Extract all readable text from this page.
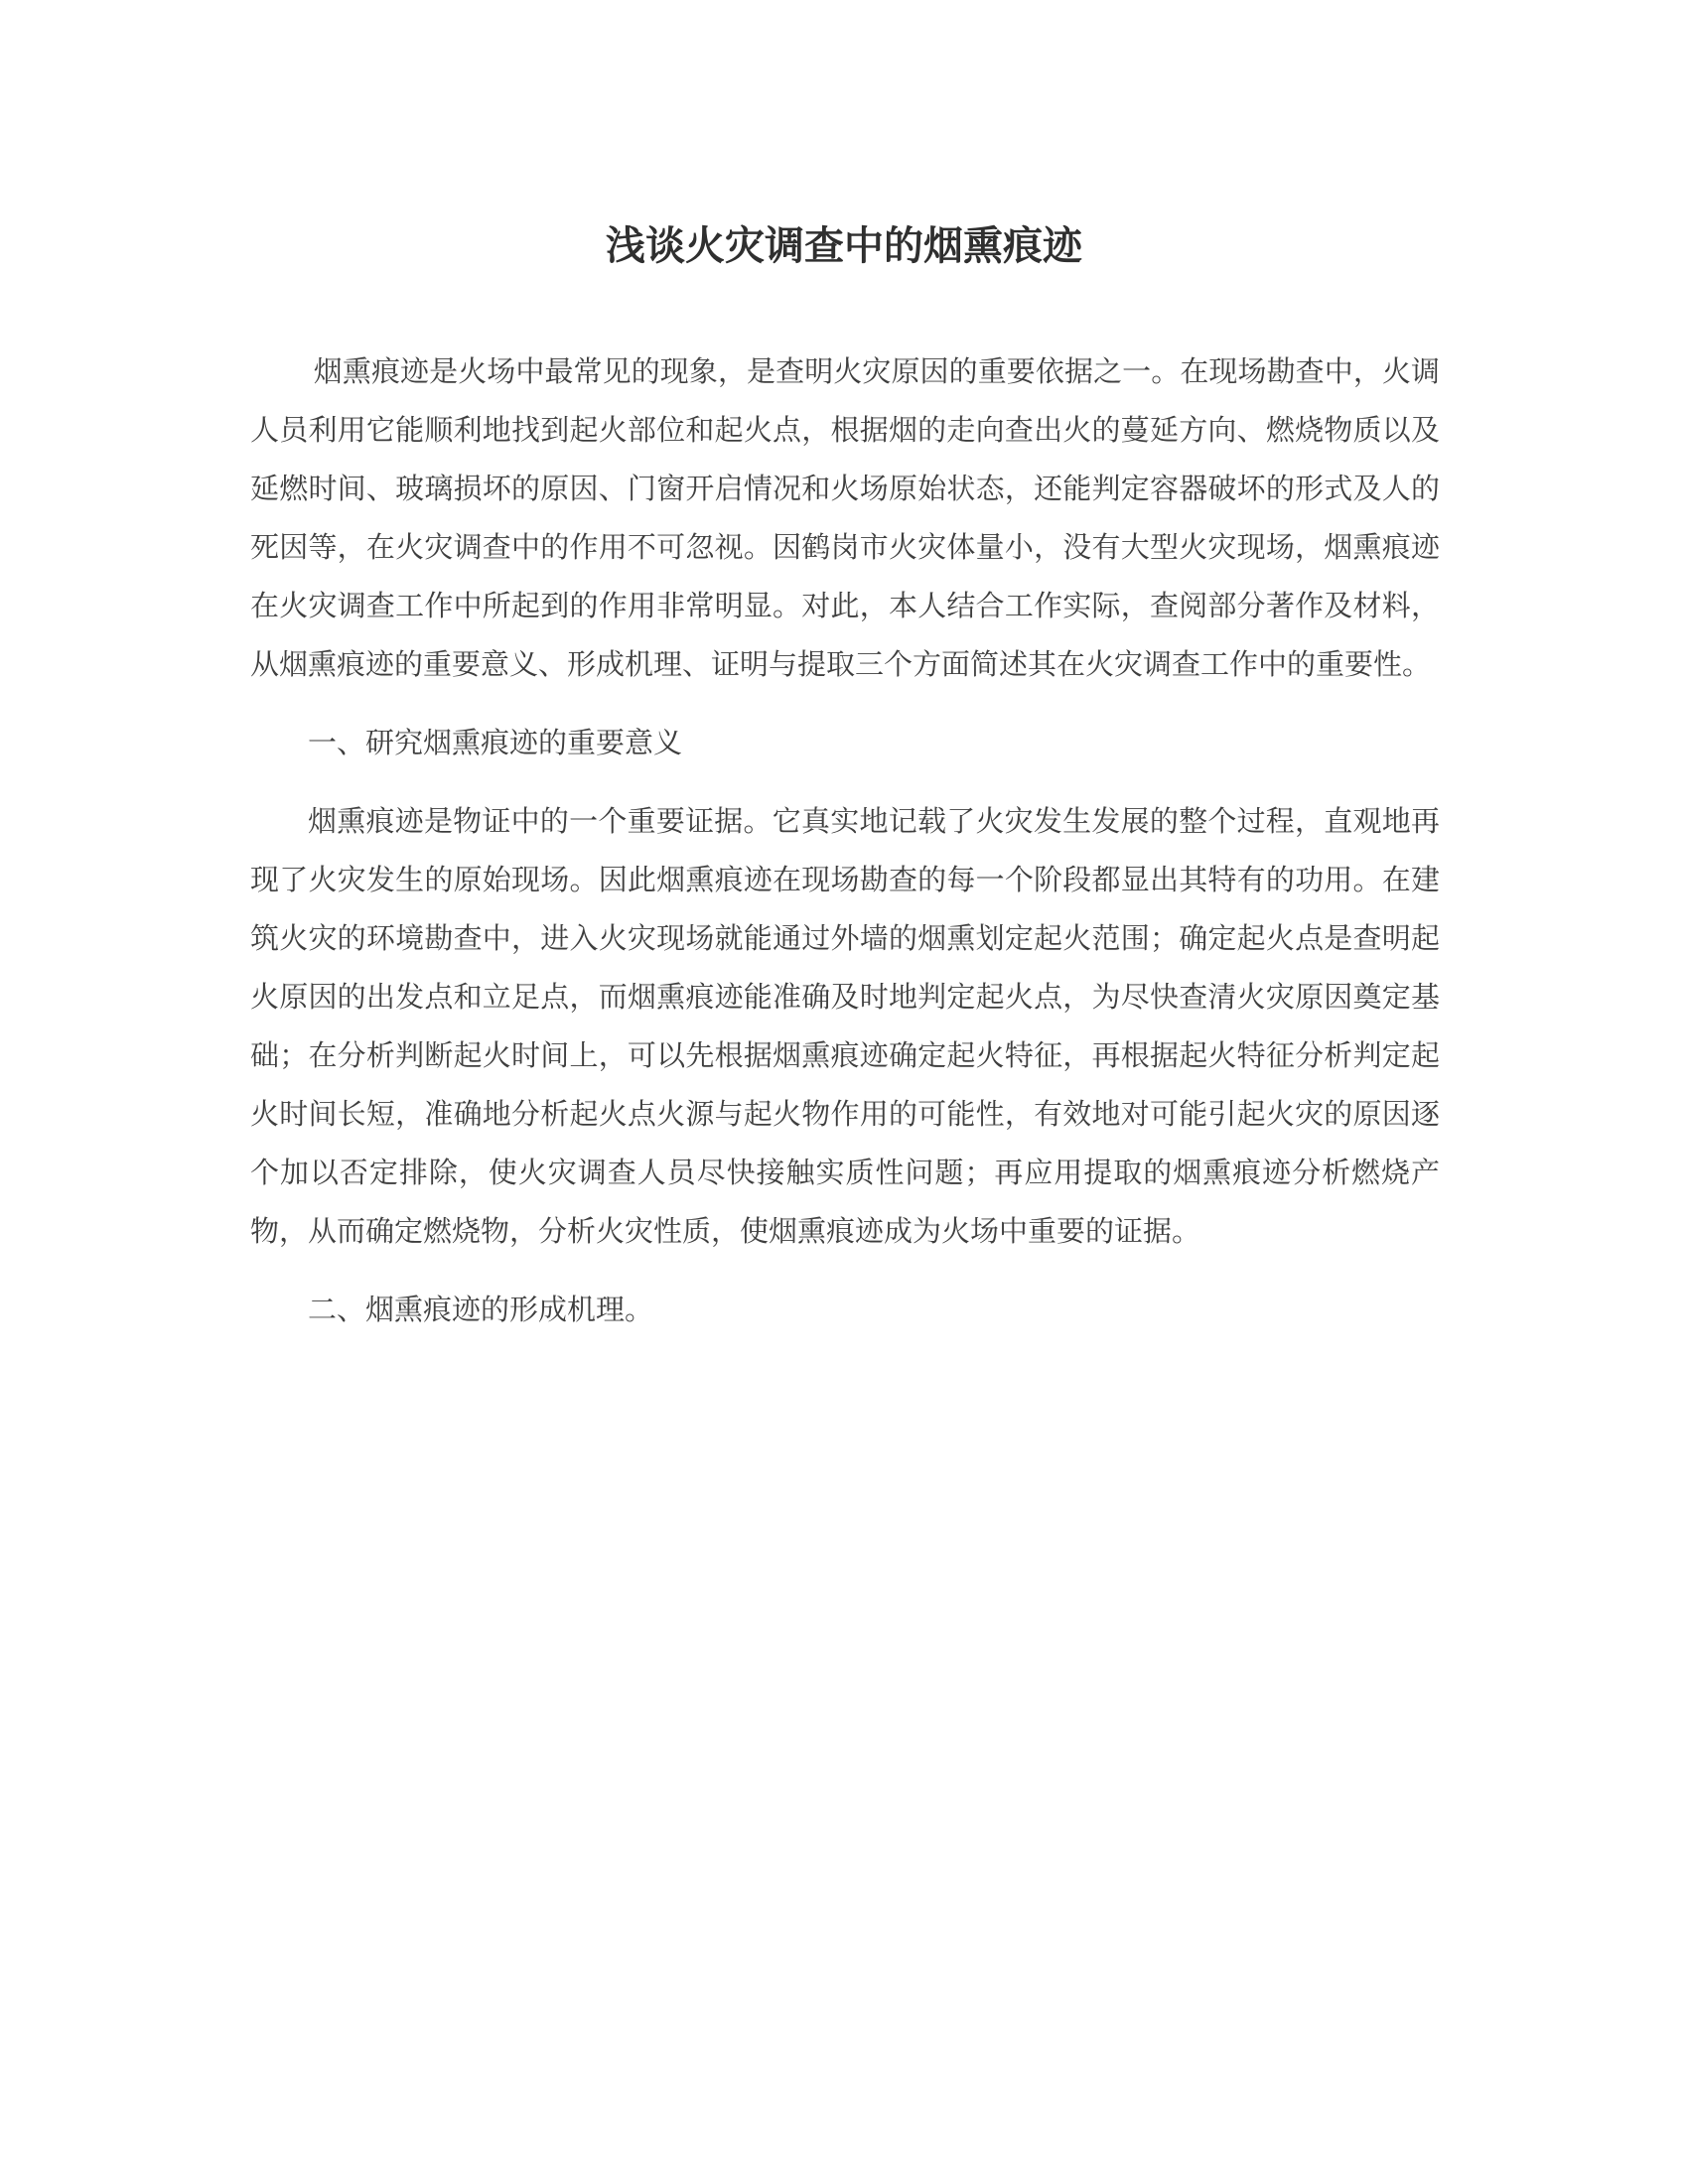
浅谈火灾调查中的烟熏痕迹

烟熏痕迹是火场中最常见的现象，是查明火灾原因的重要依据之一。在现场勘查中，火调人员利用它能顺利地找到起火部位和起火点，根据烟的走向查出火的蔓延方向、燃烧物质以及延燃时间、玻璃损坏的原因、门窗开启情况和火场原始状态，还能判定容器破坏的形式及人的死因等，在火灾调查中的作用不可忽视。因鹤岗市火灾体量小，没有大型火灾现场，烟熏痕迹在火灾调查工作中所起到的作用非常明显。对此，本人结合工作实际，查阅部分著作及材料，从烟熏痕迹的重要意义、形成机理、证明与提取三个方面简述其在火灾调查工作中的重要性。

一、研究烟熏痕迹的重要意义

烟熏痕迹是物证中的一个重要证据。它真实地记载了火灾发生发展的整个过程，直观地再现了火灾发生的原始现场。因此烟熏痕迹在现场勘查的每一个阶段都显出其特有的功用。在建筑火灾的环境勘查中，进入火灾现场就能通过外墙的烟熏划定起火范围；确定起火点是查明起火原因的出发点和立足点，而烟熏痕迹能准确及时地判定起火点，为尽快查清火灾原因奠定基础；在分析判断起火时间上，可以先根据烟熏痕迹确定起火特征，再根据起火特征分析判定起火时间长短，准确地分析起火点火源与起火物作用的可能性，有效地对可能引起火灾的原因逐个加以否定排除，使火灾调查人员尽快接触实质性问题；再应用提取的烟熏痕迹分析燃烧产物，从而确定燃烧物，分析火灾性质，使烟熏痕迹成为火场中重要的证据。

二、烟熏痕迹的形成机理。
